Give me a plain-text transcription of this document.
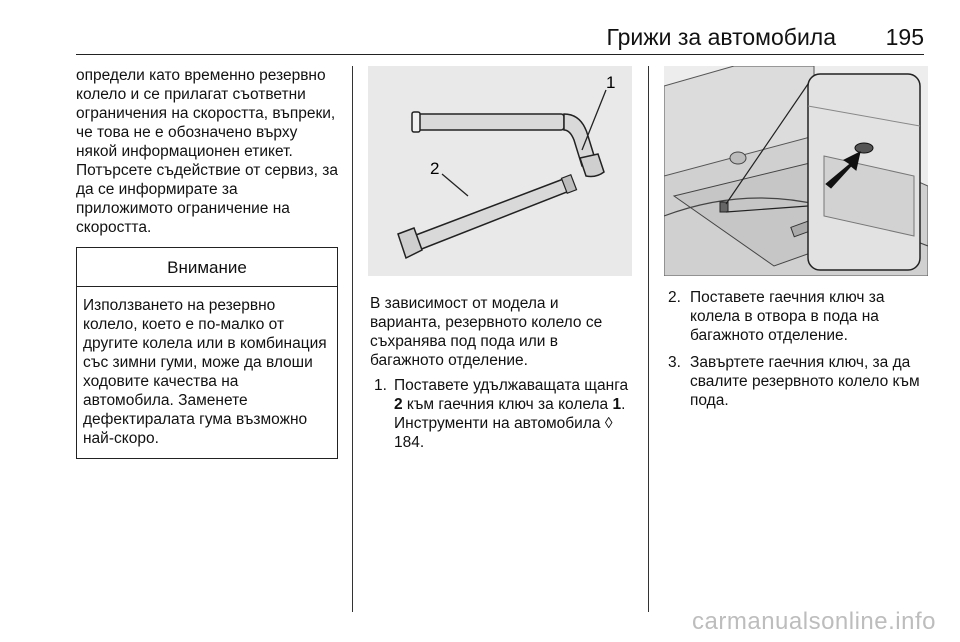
Грижи за автомобила 195

определи като временно резервно колело и се прилагат съответни ограничения на скоростта, въпреки, че това не е обозначено върху някой информационен етикет. Потърсете съдействие от сервиз, за да се информирате за приложимото ограничение на скоростта.

Внимание
Използването на резервно колело, което е по-малко от другите колела или в комбинация със зимни гуми, може да влоши ходовите качества на автомобила. Заменете дефектиралата гума възможно най-скоро.
1
2

В зависимост от модела и варианта, резервното колело се съхранява под пода или в багажното отделение.

1. Поставете удължаващата щанга 2 към гаечния ключ за колела 1. Инструменти на автомобила ◊ 184.
2. Поставете гаечния ключ за колела в отвора в пода на багажното отделение.
3. Завъртете гаечния ключ, за да свалите резервното колело към пода.
carmanualsonline.info
